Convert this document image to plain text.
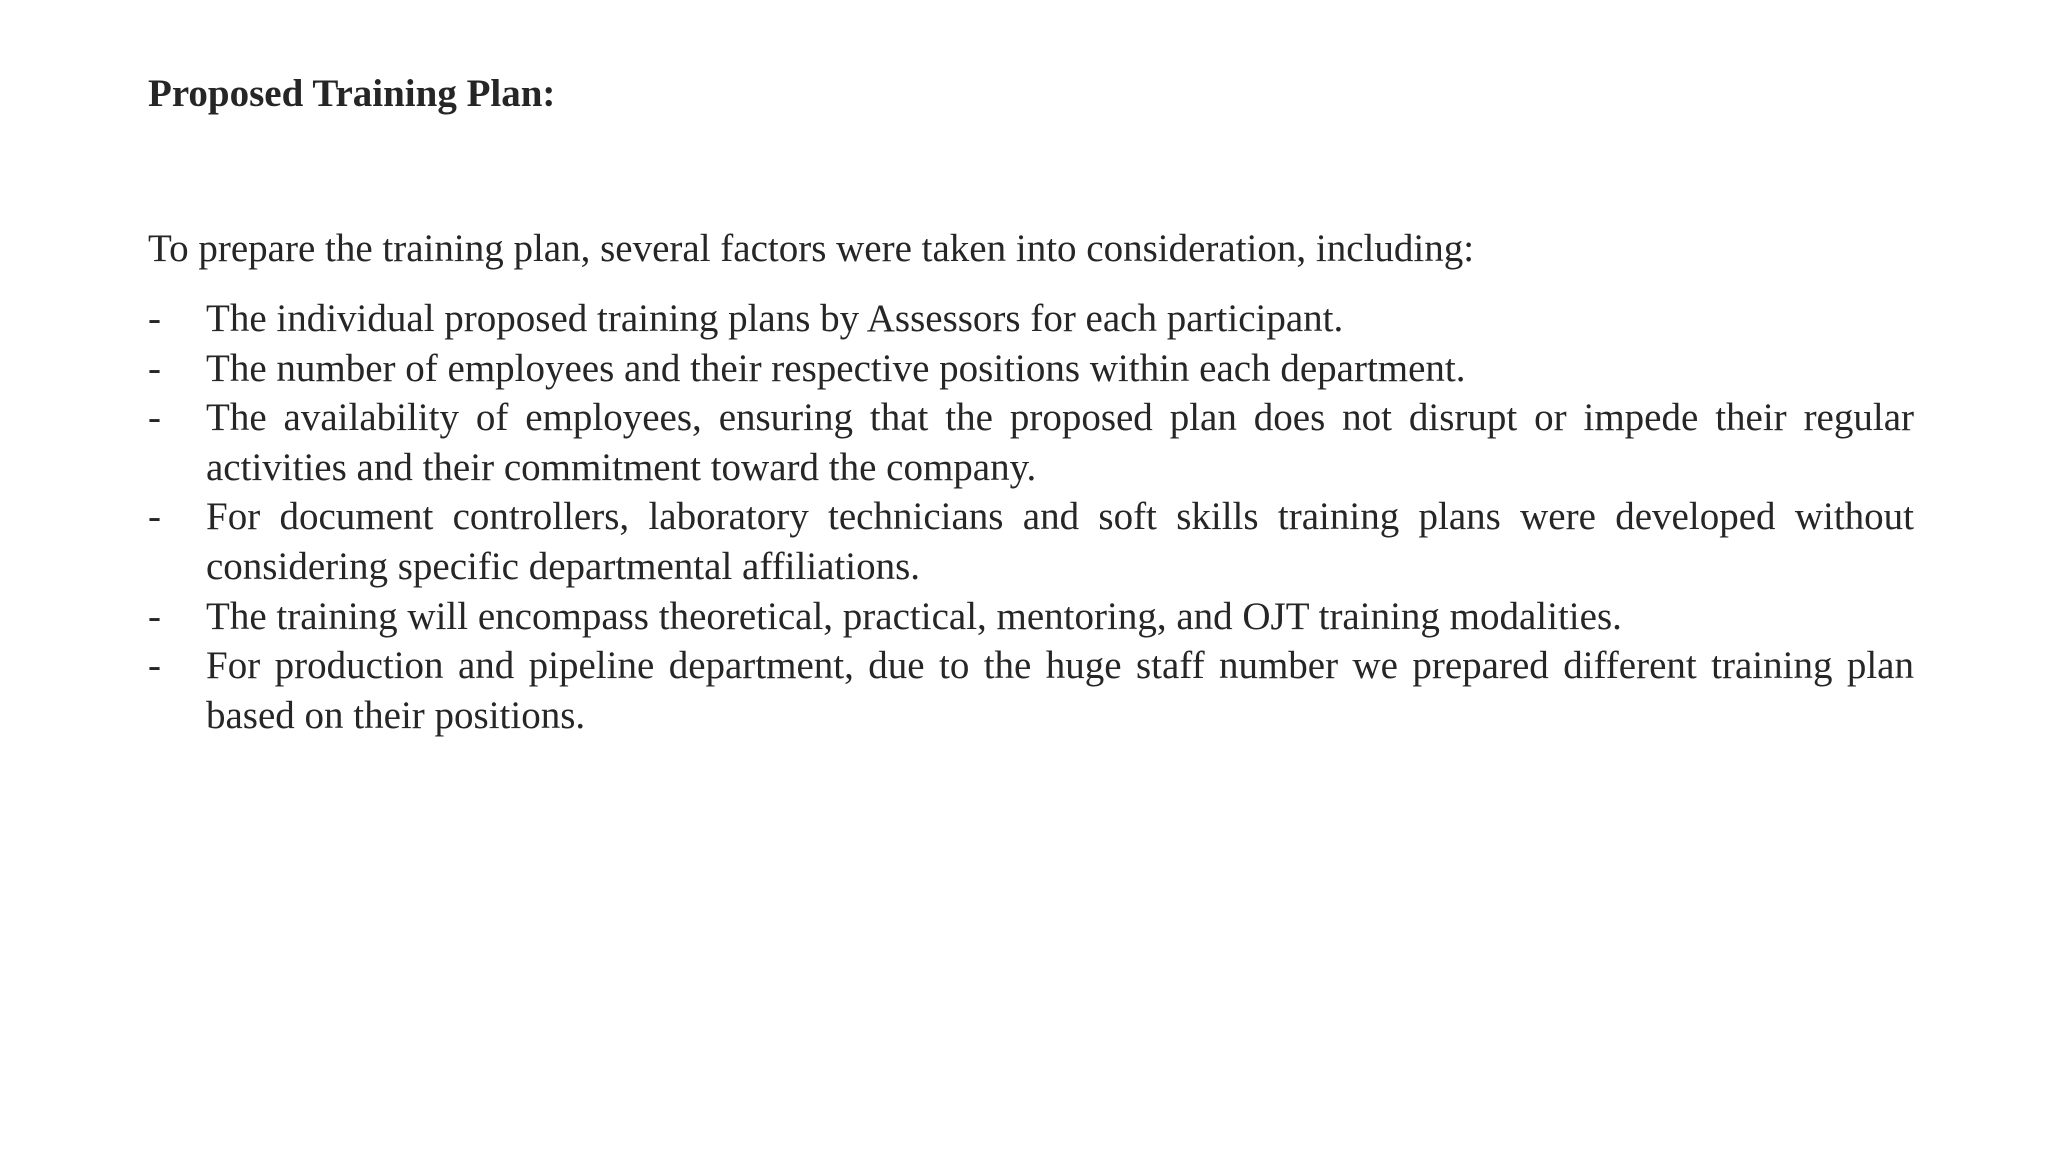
Proposed Training Plan:
To prepare the training plan, several factors were taken into consideration, including:
- The individual proposed training plans by Assessors for each participant.
- The number of employees and their respective positions within each department.
- The availability of employees, ensuring that the proposed plan does not disrupt or impede their regular activities and their commitment toward the company.
- For document controllers, laboratory technicians and soft skills training plans were developed without considering specific departmental affiliations.
- The training will encompass theoretical, practical, mentoring, and OJT training modalities.
- For production and pipeline department, due to the huge staff number we prepared different training plan based on their positions.
